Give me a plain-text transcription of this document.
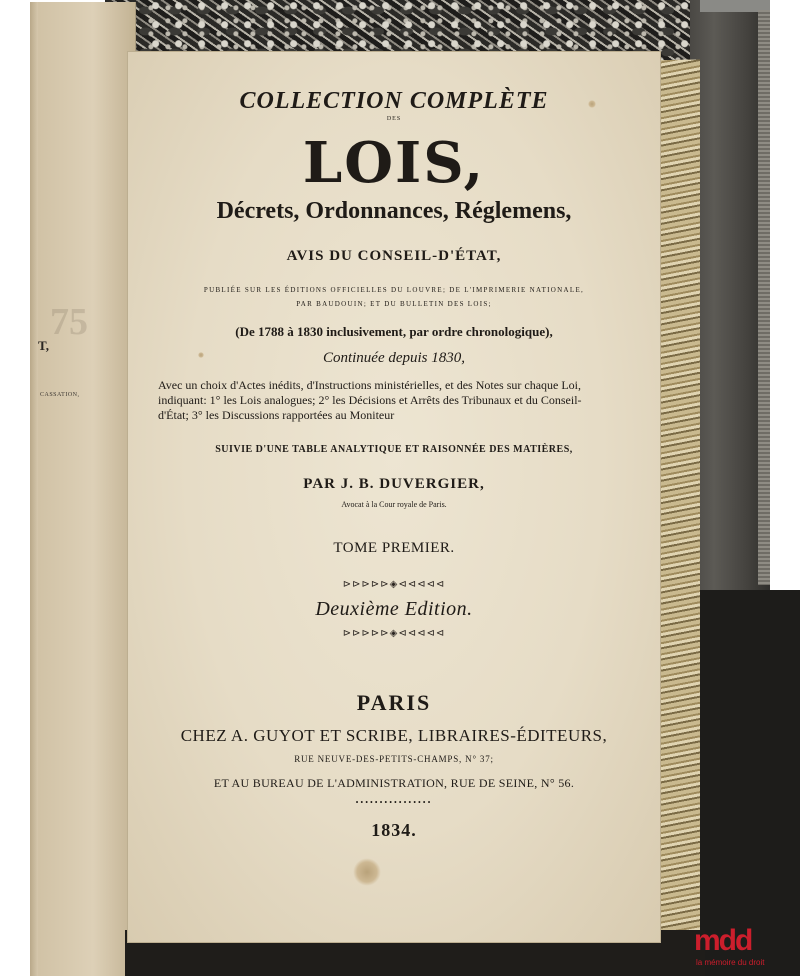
75
T,
CASSATION,
COLLECTION COMPLÈTE
DES
LOIS,
Décrets, Ordonnances, Réglemens,
AVIS DU CONSEIL-D'ÉTAT,
PUBLIÉE SUR LES ÉDITIONS OFFICIELLES DU LOUVRE; DE L'IMPRIMERIE NATIONALE,
PAR BAUDOUIN; ET DU BULLETIN DES LOIS;
(De 1788 à 1830 inclusivement, par ordre chronologique),
Continuée depuis 1830,

Avec un choix d'Actes inédits, d'Instructions ministérielles, et des Notes sur chaque Loi,

indiquant: 1° les Lois analogues; 2° les Décisions et Arrêts des Tribunaux et du Conseil-

d'État; 3° les Discussions rapportées au Moniteur

SUIVIE D'UNE TABLE ANALYTIQUE ET RAISONNÉE DES MATIÈRES,
PAR J. B. DUVERGIER,
Avocat à la Cour royale de Paris.
TOME PREMIER.
⊳⊳⊳⊳⊳◈⊲⊲⊲⊲⊲
Deuxième Edition.
⊳⊳⊳⊳⊳◈⊲⊲⊲⊲⊲
PARIS
CHEZ A. GUYOT ET SCRIBE, LIBRAIRES-ÉDITEURS,
RUE NEUVE-DES-PETITS-CHAMPS, N° 37;
ET AU BUREAU DE L'ADMINISTRATION, RUE DE SEINE, N° 56.
••••••••••••••••
1834.
mdd
la mémoire du droit
